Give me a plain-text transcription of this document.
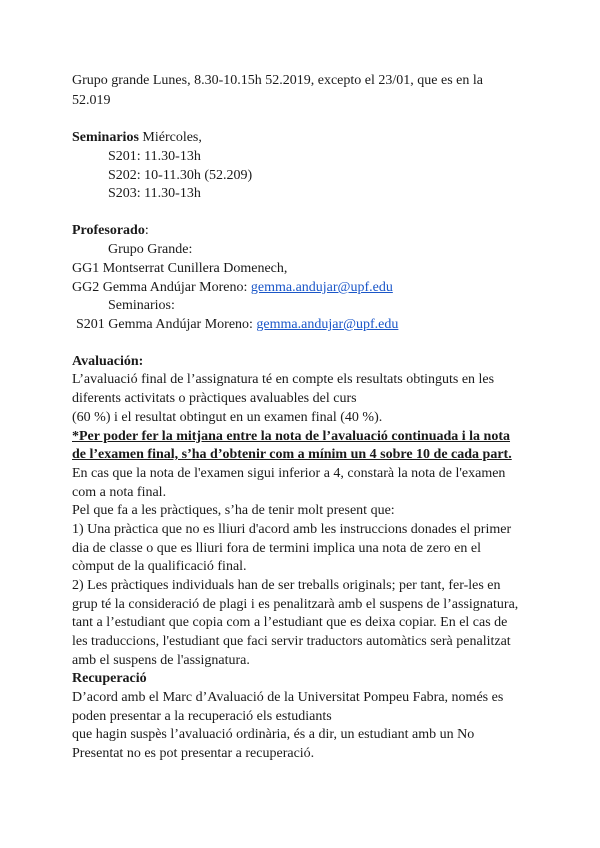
Grupo grande Lunes, 8.30-10.15h 52.2019, excepto el 23/01, que es en la
52.019
Seminarios Miércoles,
S201: 11.30-13h
S202: 10-11.30h (52.209)
S203: 11.30-13h
Profesorado:
Grupo Grande:
GG1 Montserrat Cunillera Domenech,
GG2 Gemma Andújar Moreno: gemma.andujar@upf.edu
Seminarios:
S201 Gemma Andújar Moreno: gemma.andujar@upf.edu
Avaluación:
L’avaluació final de l’assignatura té en compte els resultats obtinguts en les
diferents activitats o pràctiques avaluables del curs
(60 %) i el resultat obtingut en un examen final (40 %).
*Per poder fer la mitjana entre la nota de l’avaluació continuada i la nota
de l’examen final, s’ha d’obtenir com a mínim un 4 sobre 10 de cada part.
En cas que la nota de l'examen sigui inferior a 4, constarà la nota de l'examen
com a nota final.
Pel que fa a les pràctiques, s’ha de tenir molt present que:
1) Una pràctica que no es lliuri d'acord amb les instruccions donades el primer
dia de classe o que es lliuri fora de termini implica una nota de zero en el
còmput de la qualificació final.
2) Les pràctiques individuals han de ser treballs originals; per tant, fer-les en
grup té la consideració de plagi i es penalitzarà amb el suspens de l’assignatura,
tant a l’estudiant que copia com a l’estudiant que es deixa copiar. En el cas de
les traduccions, l'estudiant que faci servir traductors automàtics serà penalitzat
amb el suspens de l'assignatura.
Recuperació
D’acord amb el Marc d’Avaluació de la Universitat Pompeu Fabra, només es
poden presentar a la recuperació els estudiants
que hagin suspès l’avaluació ordinària, és a dir, un estudiant amb un No
Presentat no es pot presentar a recuperació.
